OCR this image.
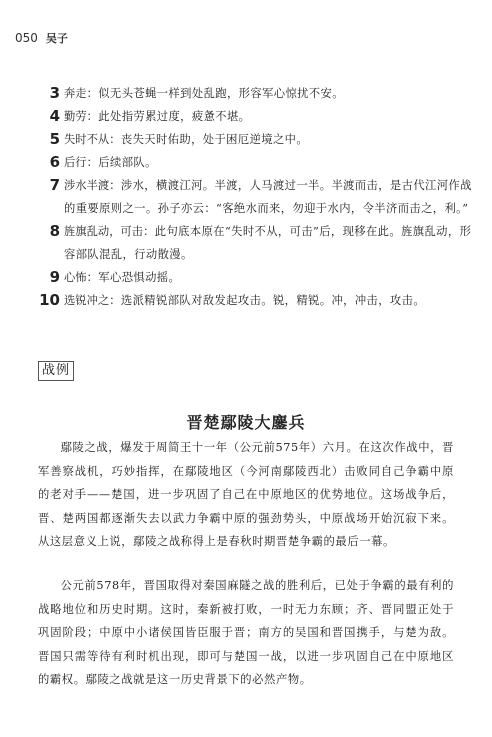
050 吴子
3 奔走：似无头苍蝇一样到处乱跑，形容军心惊扰不安。
4 勤劳：此处指劳累过度，疲惫不堪。
5 失时不从：丧失天时佑助，处于困厄逆境之中。
6 后行：后续部队。
7 涉水半渡：涉水，横渡江河。半渡，人马渡过一半。半渡而击，是古代江河作战的重要原则之一。孙子亦云：“客绝水而来，勿迎于水内，令半济而击之，利。”
8 旌旗乱动，可击：此句底本原在“失时不从，可击”后，现移在此。旌旗乱动，形容部队混乱，行动散漫。
9 心怖：军心恐惧动摇。
10 选锐冲之：选派精锐部队对敌发起攻击。锐，精锐。冲，冲击，攻击。
战例
晋楚鄢陵大鏖兵

鄢陵之战，爆发于周简王十一年（公元前575年）六月。在这次作战中，晋军善察战机，巧妙指挥，在鄢陵地区（今河南鄢陵西北）击败同自己争霸中原的老对手——楚国，进一步巩固了自己在中原地区的优势地位。这场战争后，晋、楚两国都逐渐失去以武力争霸中原的强劲势头，中原战场开始沉寂下来。从这层意义上说，鄢陵之战称得上是春秋时期晋楚争霸的最后一幕。

公元前578年，晋国取得对秦国麻隧之战的胜利后，已处于争霸的最有利的战略地位和历史时期。这时，秦新被打败，一时无力东顾；齐、晋同盟正处于巩固阶段；中原中小诸侯国皆臣服于晋；南方的吴国和晋国携手，与楚为敌。晋国只需等待有利时机出现，即可与楚国一战，以进一步巩固自己在中原地区的霸权。鄢陵之战就是这一历史背景下的必然产物。
